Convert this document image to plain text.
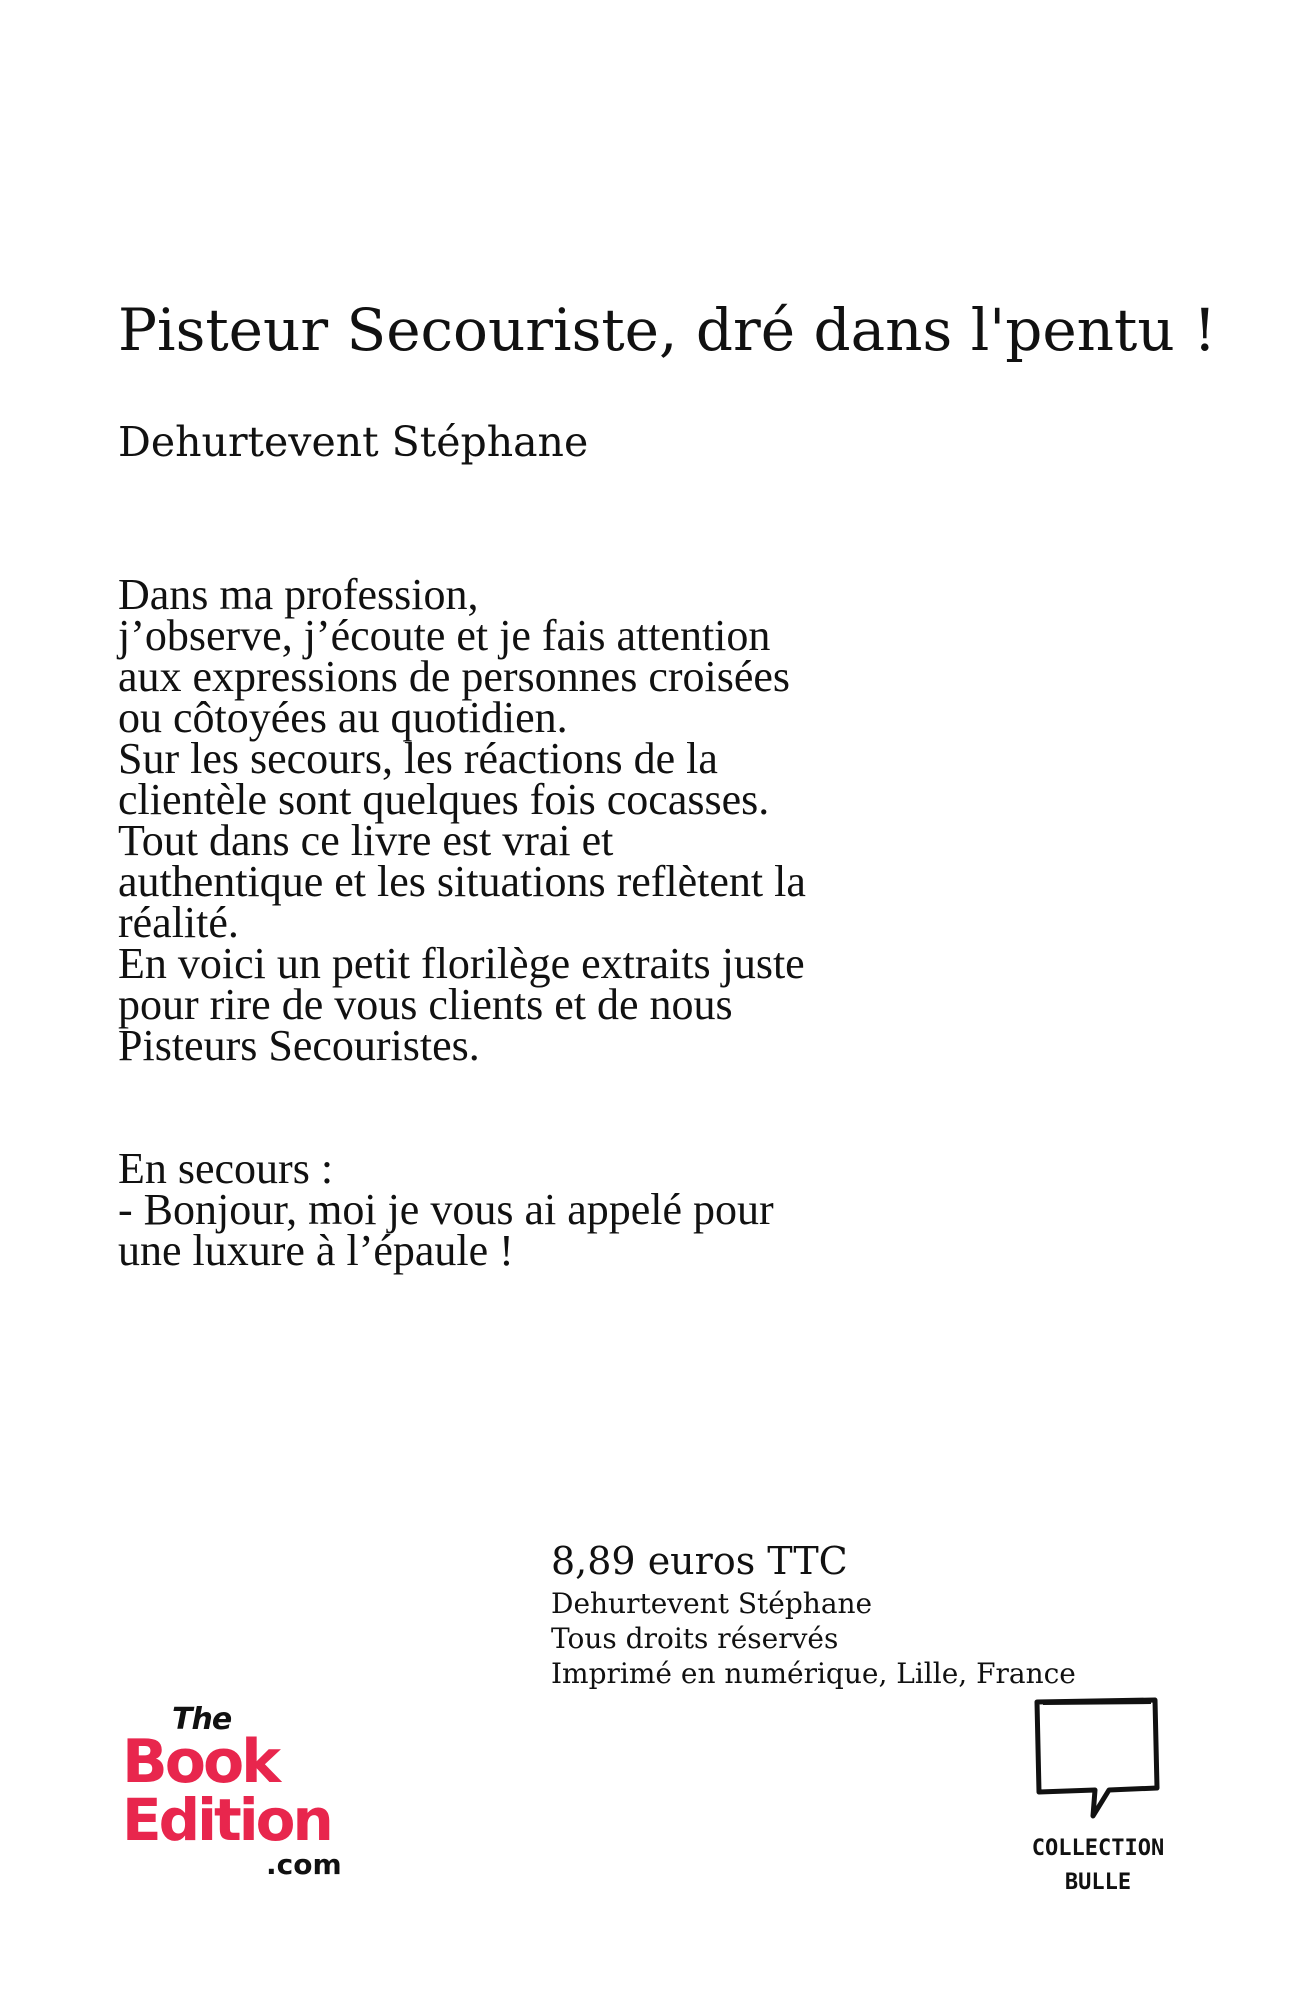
Pisteur Secouriste, dré dans l'pentu !
Dehurtevent Stéphane
Dans ma profession,
j’observe, j’écoute et je fais attention
aux expressions de personnes croisées
ou côtoyées au quotidien.
Sur les secours, les réactions de la
clientèle sont quelques fois cocasses.
Tout dans ce livre est vrai et
authentique et les situations reflètent la
réalité.
En voici un petit florilège extraits juste
pour rire de vous clients et de nous
Pisteurs Secouristes.
En secours :
- Bonjour, moi je vous ai appelé pour
une luxure à l’épaule !
8,89 euros TTC
Dehurtevent Stéphane
Tous droits réservés
Imprimé en numérique, Lille, France
The
Book
Edition
.com	COLLECTION
BULLE
